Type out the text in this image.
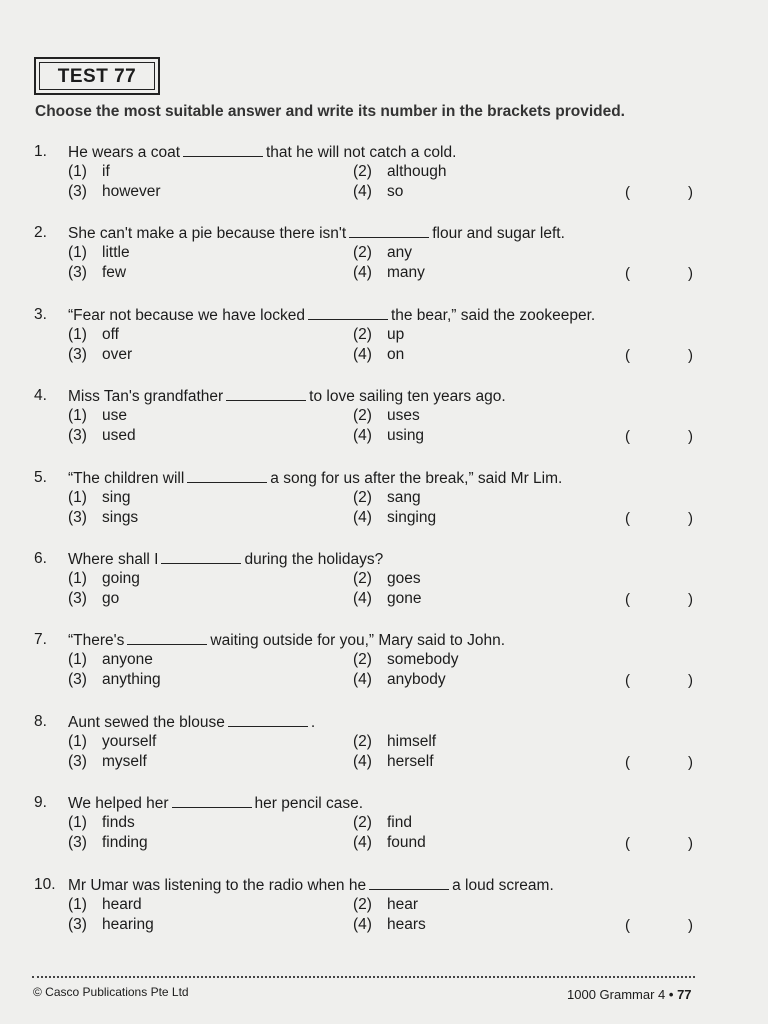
TEST 77
Choose the most suitable answer and write its number in the brackets provided.
1. He wears a coat	that he will not catch a cold.
(1) if	(2) although
(3) however	(4) so	(	)
2. She can't make a pie because there isn't	flour and sugar left.
(1) little	(2) any
(3) few	(4) many	(	)
3. “Fear not because we have locked	the bear,” said the zookeeper.
(1) off	(2) up
(3) over	(4) on	(	)
4. Miss Tan's grandfather	to love sailing ten years ago.
(1) use	(2) uses
(3) used	(4) using	(	)
5. “The children will	a song for us after the break,” said Mr Lim.
(1) sing	(2) sang
(3) sings	(4) singing	(	)
6. Where shall I	during the holidays?
(1) going	(2) goes
(3) go	(4) gone	(	)
7. “There's	waiting outside for you,” Mary said to John.
(1) anyone	(2) somebody
(3) anything	(4) anybody	(	)
8. Aunt sewed the blouse	.
(1) yourself	(2) himself
(3) myself	(4) herself	(	)
9. We helped her	her pencil case.
(1) finds	(2) find
(3) finding	(4) found	(	)
10. Mr Umar was listening to the radio when he	a loud scream.
(1) heard	(2) hear
(3) hearing	(4) hears	(	)
© Casco Publications Pte Ltd	1000 Grammar 4 • 77
